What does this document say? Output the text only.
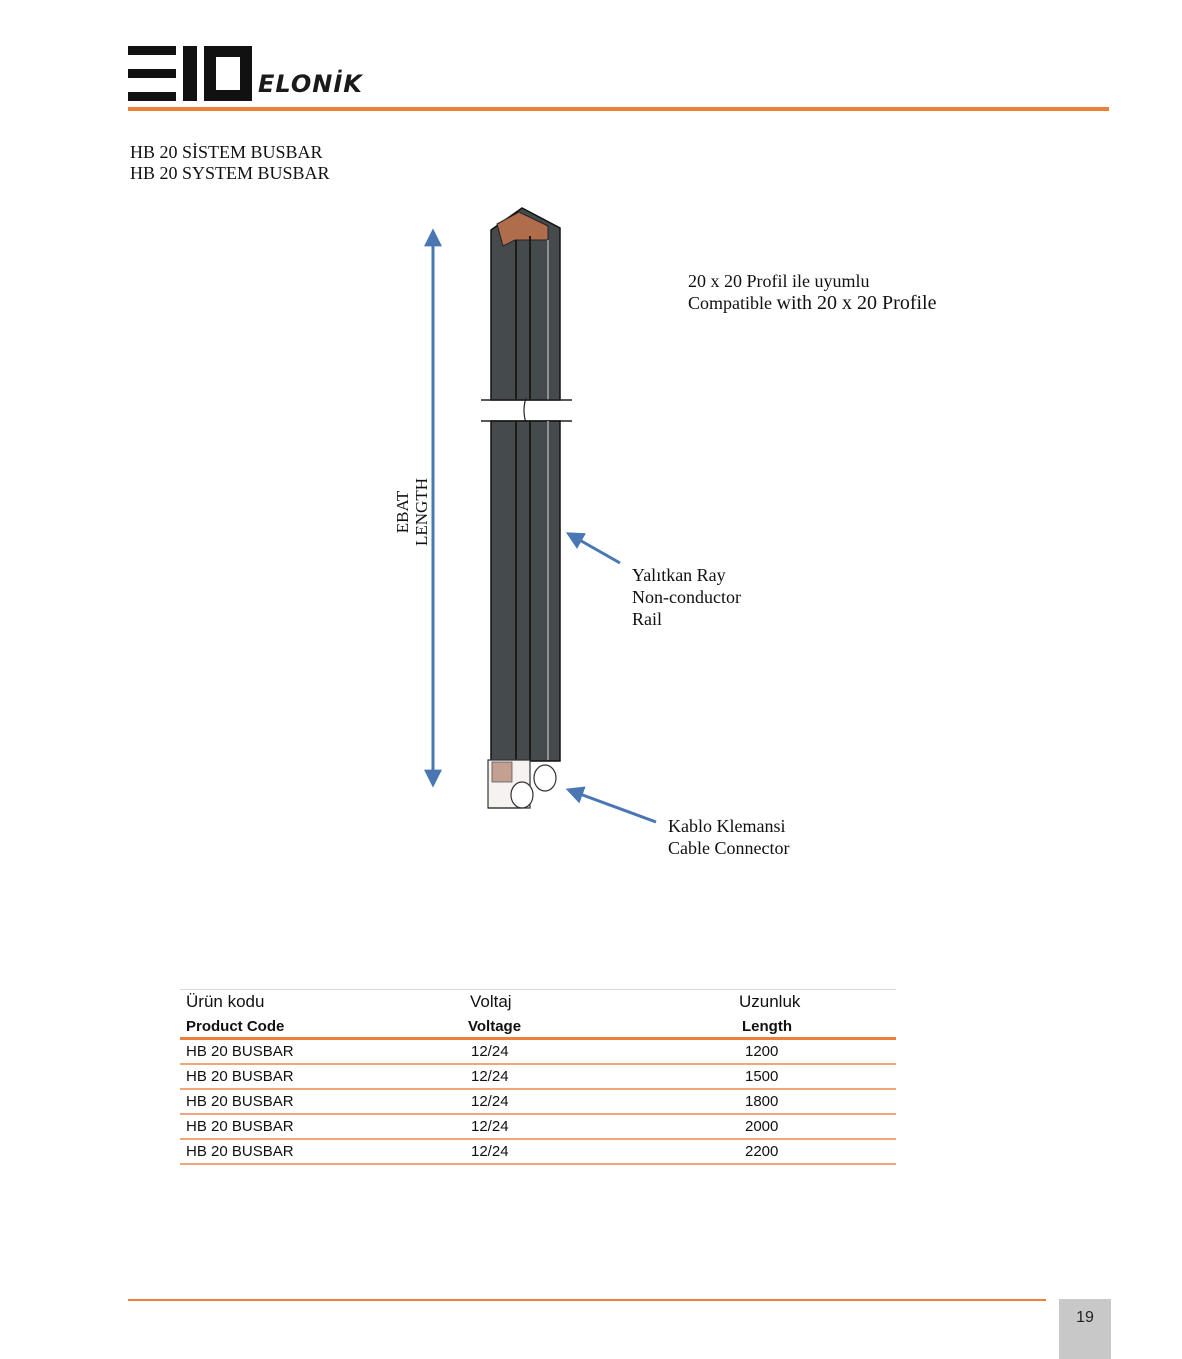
ELONİK
HB 20 SİSTEM BUSBAR
HB 20 SYSTEM BUSBAR
EBAT LENGTH
20 x 20 Profil ile uyumlu
Compatible with 20 x 20 Profile
Yalıtkan Ray
Non-conductor
Rail
Kablo Klemansi
Cable Connector
Ürün kodu	Voltaj	Uzunluk
Product Code	Voltage	Length
HB 20 BUSBAR	12/24	1200
HB 20 BUSBAR	12/24	1500
HB 20 BUSBAR	12/24	1800
HB 20 BUSBAR	12/24	2000
HB 20 BUSBAR	12/24	2200
19
